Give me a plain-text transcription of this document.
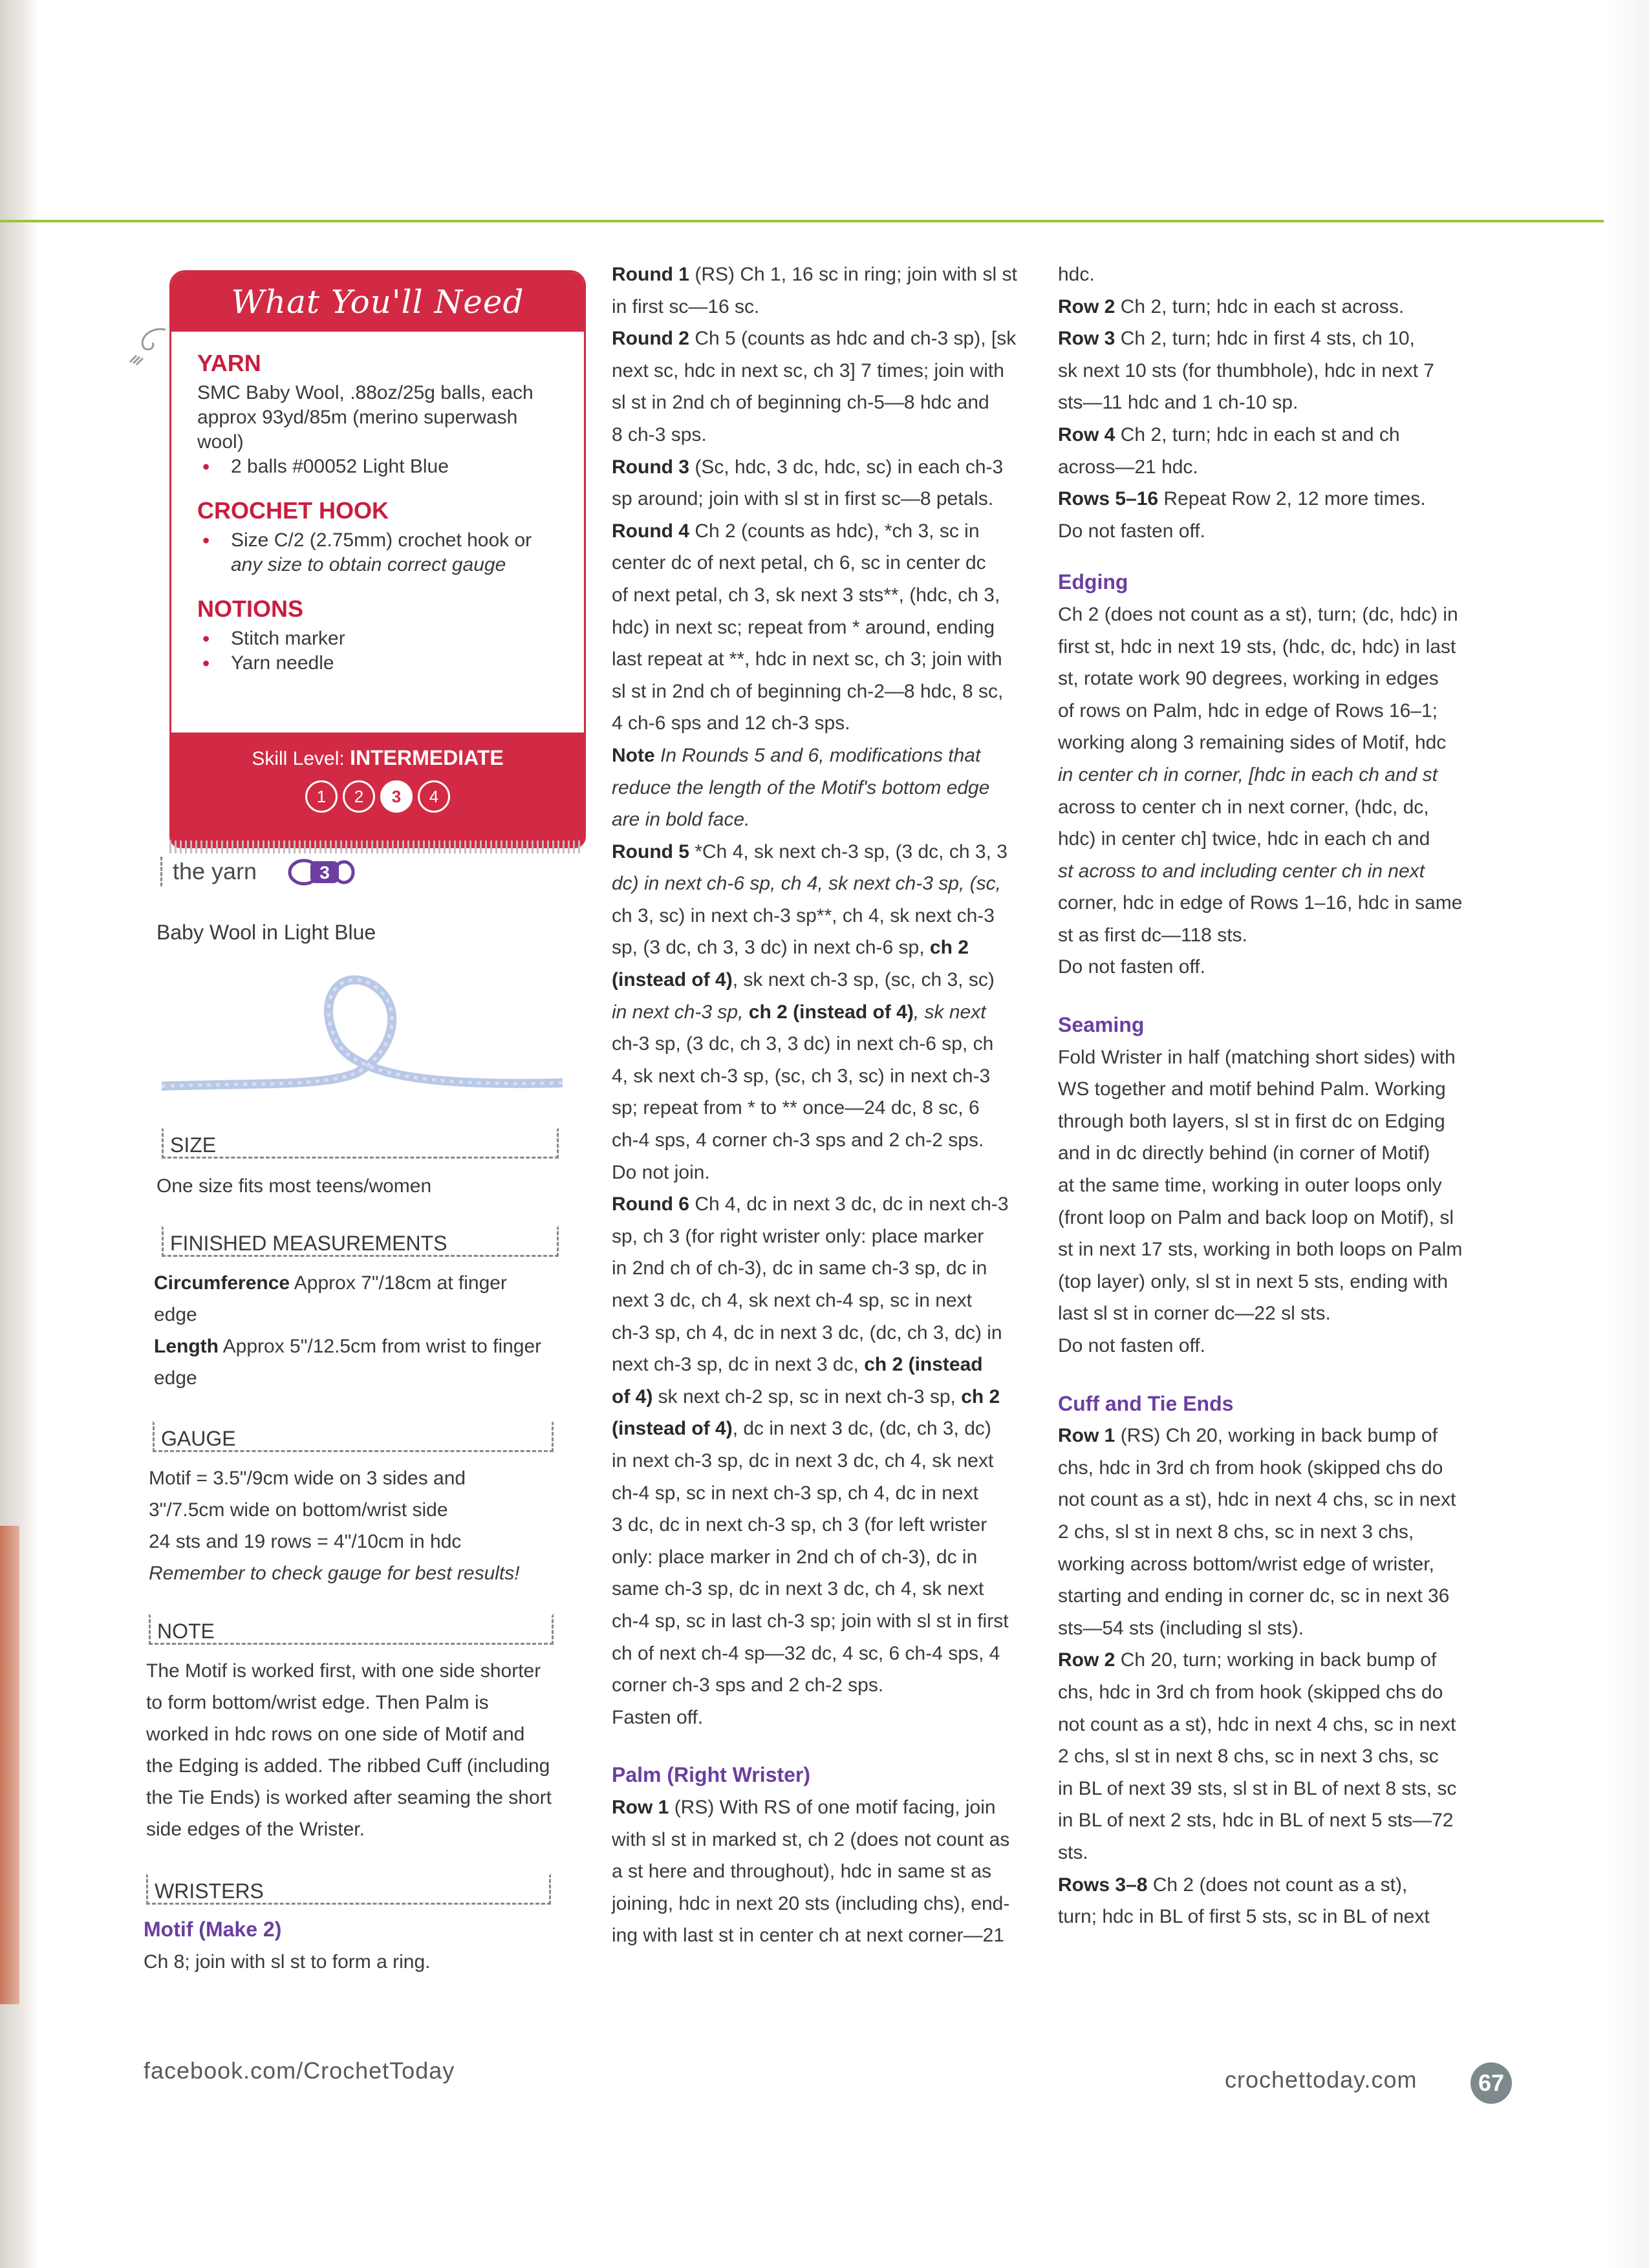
What You'll Need
YARN
SMC Baby Wool, .88oz/25g balls, each approx 93yd/85m (merino superwash wool)
• 2 balls #00052 Light Blue
CROCHET HOOK
• Size C/2 (2.75mm) crochet hook or
any size to obtain correct gauge
NOTIONS
• Stitch marker
• Yarn needle
Skill Level: INTERMEDIATE
1	2	3	4
the yarn	3
Baby Wool in Light Blue
SIZE
One size fits most teens/women
FINISHED MEASUREMENTS
Circumference Approx 7"/18cm at finger
edge
Length Approx 5"/12.5cm from wrist to finger
edge
GAUGE
Motif = 3.5"/9cm wide on 3 sides and
3"/7.5cm wide on bottom/wrist side
24 sts and 19 rows = 4"/10cm in hdc
Remember to check gauge for best results!
NOTE
The Motif is worked first, with one side shorter
to form bottom/wrist edge. Then Palm is
worked in hdc rows on one side of Motif and
the Edging is added. The ribbed Cuff (including
the Tie Ends) is worked after seaming the short
side edges of the Wrister.
WRISTERS
Motif (Make 2)
Ch 8; join with sl st to form a ring.

Round 1 (RS) Ch 1, 16 sc in ring; join with sl st

in first sc—16 sc.

Round 2 Ch 5 (counts as hdc and ch-3 sp), [sk

next sc, hdc in next sc, ch 3] 7 times; join with

sl st in 2nd ch of beginning ch-5—8 hdc and

8 ch-3 sps.

Round 3 (Sc, hdc, 3 dc, hdc, sc) in each ch-3

sp around; join with sl st in first sc—8 petals.

Round 4 Ch 2 (counts as hdc), *ch 3, sc in

center dc of next petal, ch 6, sc in center dc

of next petal, ch 3, sk next 3 sts**, (hdc, ch 3,

hdc) in next sc; repeat from * around, ending

last repeat at **, hdc in next sc, ch 3; join with

sl st in 2nd ch of beginning ch-2—8 hdc, 8 sc,

4 ch-6 sps and 12 ch-3 sps.

Note In Rounds 5 and 6, modifications that

reduce the length of the Motif's bottom edge

are in bold face.

Round 5 *Ch 4, sk next ch-3 sp, (3 dc, ch 3, 3

dc) in next ch-6 sp, ch 4, sk next ch-3 sp, (sc,

ch 3, sc) in next ch-3 sp**, ch 4, sk next ch-3

sp, (3 dc, ch 3, 3 dc) in next ch-6 sp, ch 2

(instead of 4), sk next ch-3 sp, (sc, ch 3, sc)

in next ch-3 sp, ch 2 (instead of 4), sk next

ch-3 sp, (3 dc, ch 3, 3 dc) in next ch-6 sp, ch

4, sk next ch-3 sp, (sc, ch 3, sc) in next ch-3

sp; repeat from * to ** once—24 dc, 8 sc, 6

ch-4 sps, 4 corner ch-3 sps and 2 ch-2 sps.

Do not join.

Round 6 Ch 4, dc in next 3 dc, dc in next ch-3

sp, ch 3 (for right wrister only: place marker

in 2nd ch of ch-3), dc in same ch-3 sp, dc in

next 3 dc, ch 4, sk next ch-4 sp, sc in next

ch-3 sp, ch 4, dc in next 3 dc, (dc, ch 3, dc) in

next ch-3 sp, dc in next 3 dc, ch 2 (instead

of 4) sk next ch-2 sp, sc in next ch-3 sp, ch 2

(instead of 4), dc in next 3 dc, (dc, ch 3, dc)

in next ch-3 sp, dc in next 3 dc, ch 4, sk next

ch-4 sp, sc in next ch-3 sp, ch 4, dc in next

3 dc, dc in next ch-3 sp, ch 3 (for left wrister

only: place marker in 2nd ch of ch-3), dc in

same ch-3 sp, dc in next 3 dc, ch 4, sk next

ch-4 sp, sc in last ch-3 sp; join with sl st in first

ch of next ch-4 sp—32 dc, 4 sc, 6 ch-4 sps, 4

corner ch-3 sps and 2 ch-2 sps.

Fasten off.

Palm (Right Wrister)

Row 1 (RS) With RS of one motif facing, join

with sl st in marked st, ch 2 (does not count as

a st here and throughout), hdc in same st as

joining, hdc in next 20 sts (including chs), end-

ing with last st in center ch at next corner—21

hdc.

Row 2 Ch 2, turn; hdc in each st across.

Row 3 Ch 2, turn; hdc in first 4 sts, ch 10,

sk next 10 sts (for thumbhole), hdc in next 7

sts—11 hdc and 1 ch-10 sp.

Row 4 Ch 2, turn; hdc in each st and ch

across—21 hdc.

Rows 5–16 Repeat Row 2, 12 more times.

Do not fasten off.

Edging

Ch 2 (does not count as a st), turn; (dc, hdc) in

first st, hdc in next 19 sts, (hdc, dc, hdc) in last

st, rotate work 90 degrees, working in edges

of rows on Palm, hdc in edge of Rows 16–1;

working along 3 remaining sides of Motif, hdc

in center ch in corner, [hdc in each ch and st

across to center ch in next corner, (hdc, dc,

hdc) in center ch] twice, hdc in each ch and

st across to and including center ch in next

corner, hdc in edge of Rows 1–16, hdc in same

st as first dc—118 sts.

Do not fasten off.

Seaming

Fold Wrister in half (matching short sides) with

WS together and motif behind Palm. Working

through both layers, sl st in first dc on Edging

and in dc directly behind (in corner of Motif)

at the same time, working in outer loops only

(front loop on Palm and back loop on Motif), sl

st in next 17 sts, working in both loops on Palm

(top layer) only, sl st in next 5 sts, ending with

last sl st in corner dc—22 sl sts.

Do not fasten off.

Cuff and Tie Ends

Row 1 (RS) Ch 20, working in back bump of

chs, hdc in 3rd ch from hook (skipped chs do

not count as a st), hdc in next 4 chs, sc in next

2 chs, sl st in next 8 chs, sc in next 3 chs,

working across bottom/wrist edge of wrister,

starting and ending in corner dc, sc in next 36

sts—54 sts (including sl sts).

Row 2 Ch 20, turn; working in back bump of

chs, hdc in 3rd ch from hook (skipped chs do

not count as a st), hdc in next 4 chs, sc in next

2 chs, sl st in next 8 chs, sc in next 3 chs, sc

in BL of next 39 sts, sl st in BL of next 8 sts, sc

in BL of next 2 sts, hdc in BL of next 5 sts—72

sts.

Rows 3–8 Ch 2 (does not count as a st),

turn; hdc in BL of first 5 sts, sc in BL of next

facebook.com/CrochetToday	crochettoday.com	67
